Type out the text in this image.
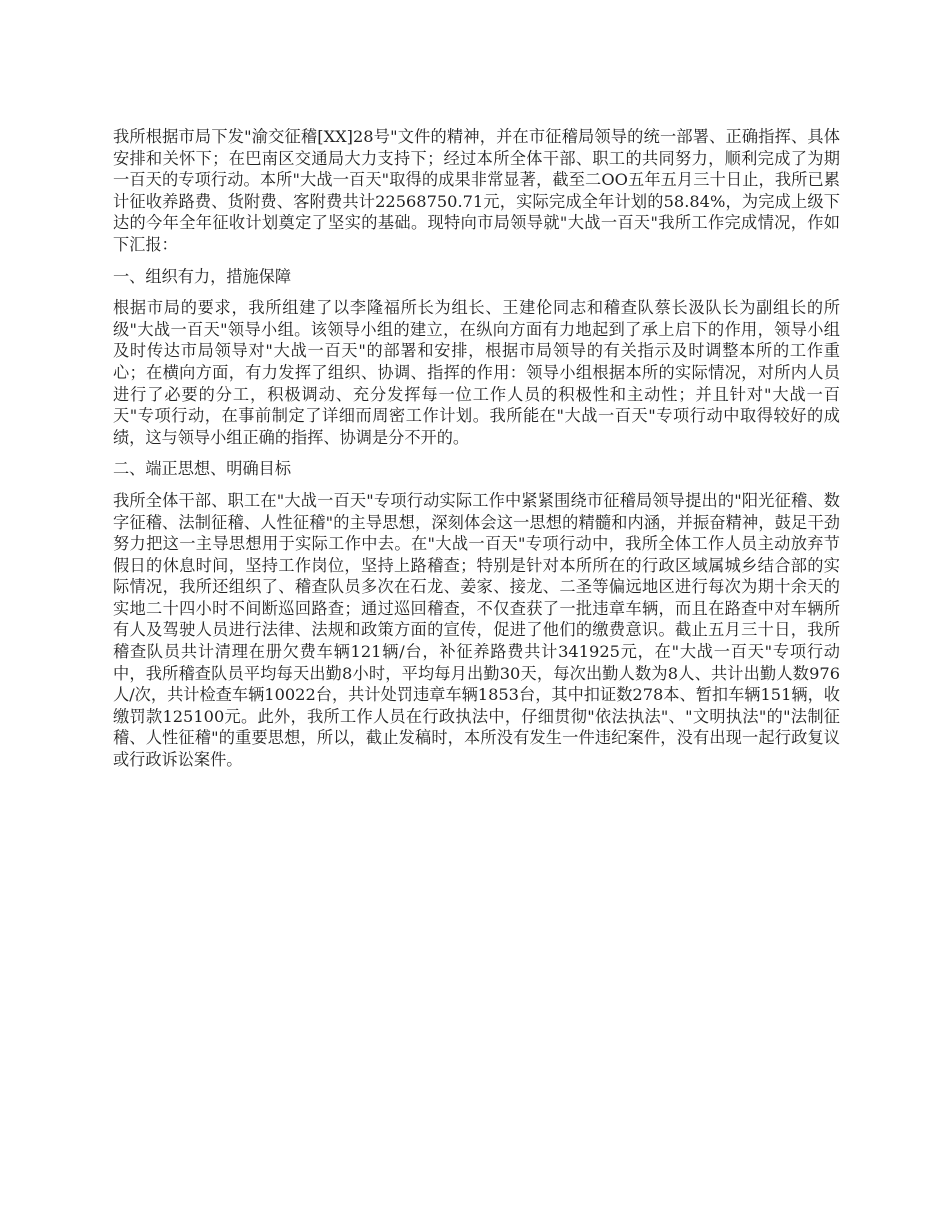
我所根据市局下发"渝交征稽[XX]28号"文件的精神，并在市征稽局领导的统一部署、正确指挥、具体安排和关怀下；在巴南区交通局大力支持下；经过本所全体干部、职工的共同努力，顺利完成了为期一百天的专项行动。本所"大战一百天"取得的成果非常显著，截至二OO五年五月三十日止，我所已累计征收养路费、货附费、客附费共计22568750.71元，实际完成全年计划的58.84%，为完成上级下达的今年全年征收计划奠定了坚实的基础。现特向市局领导就"大战一百天"我所工作完成情况，作如下汇报：

一、组织有力，措施保障

根据市局的要求，我所组建了以李隆福所长为组长、王建伦同志和稽查队蔡长汲队长为副组长的所级"大战一百天"领导小组。该领导小组的建立，在纵向方面有力地起到了承上启下的作用，领导小组及时传达市局领导对"大战一百天"的部署和安排，根据市局领导的有关指示及时调整本所的工作重心；在横向方面，有力发挥了组织、协调、指挥的作用：领导小组根据本所的实际情况，对所内人员进行了必要的分工，积极调动、充分发挥每一位工作人员的积极性和主动性；并且针对"大战一百天"专项行动，在事前制定了详细而周密工作计划。我所能在"大战一百天"专项行动中取得较好的成绩，这与领导小组正确的指挥、协调是分不开的。

二、端正思想、明确目标

我所全体干部、职工在"大战一百天"专项行动实际工作中紧紧围绕市征稽局领导提出的"阳光征稽、数字征稽、法制征稽、人性征稽"的主导思想，深刻体会这一思想的精髓和内涵，并振奋精神，鼓足干劲努力把这一主导思想用于实际工作中去。在"大战一百天"专项行动中，我所全体工作人员主动放弃节假日的休息时间，坚持工作岗位，坚持上路稽查；特别是针对本所所在的行政区域属城乡结合部的实际情况，我所还组织了、稽查队员多次在石龙、姜家、接龙、二圣等偏远地区进行每次为期十余天的实地二十四小时不间断巡回路查；通过巡回稽查，不仅查获了一批违章车辆，而且在路查中对车辆所有人及驾驶人员进行法律、法规和政策方面的宣传，促进了他们的缴费意识。截止五月三十日，我所稽查队员共计清理在册欠费车辆121辆/台，补征养路费共计341925元，在"大战一百天"专项行动中，我所稽查队员平均每天出勤8小时，平均每月出勤30天，每次出勤人数为8人、共计出勤人数976人/次，共计检查车辆10022台，共计处罚违章车辆1853台，其中扣证数278本、暂扣车辆151辆，收缴罚款125100元。此外，我所工作人员在行政执法中，仔细贯彻"依法执法"、"文明执法"的"法制征稽、人性征稽"的重要思想，所以，截止发稿时，本所没有发生一件违纪案件，没有出现一起行政复议或行政诉讼案件。
